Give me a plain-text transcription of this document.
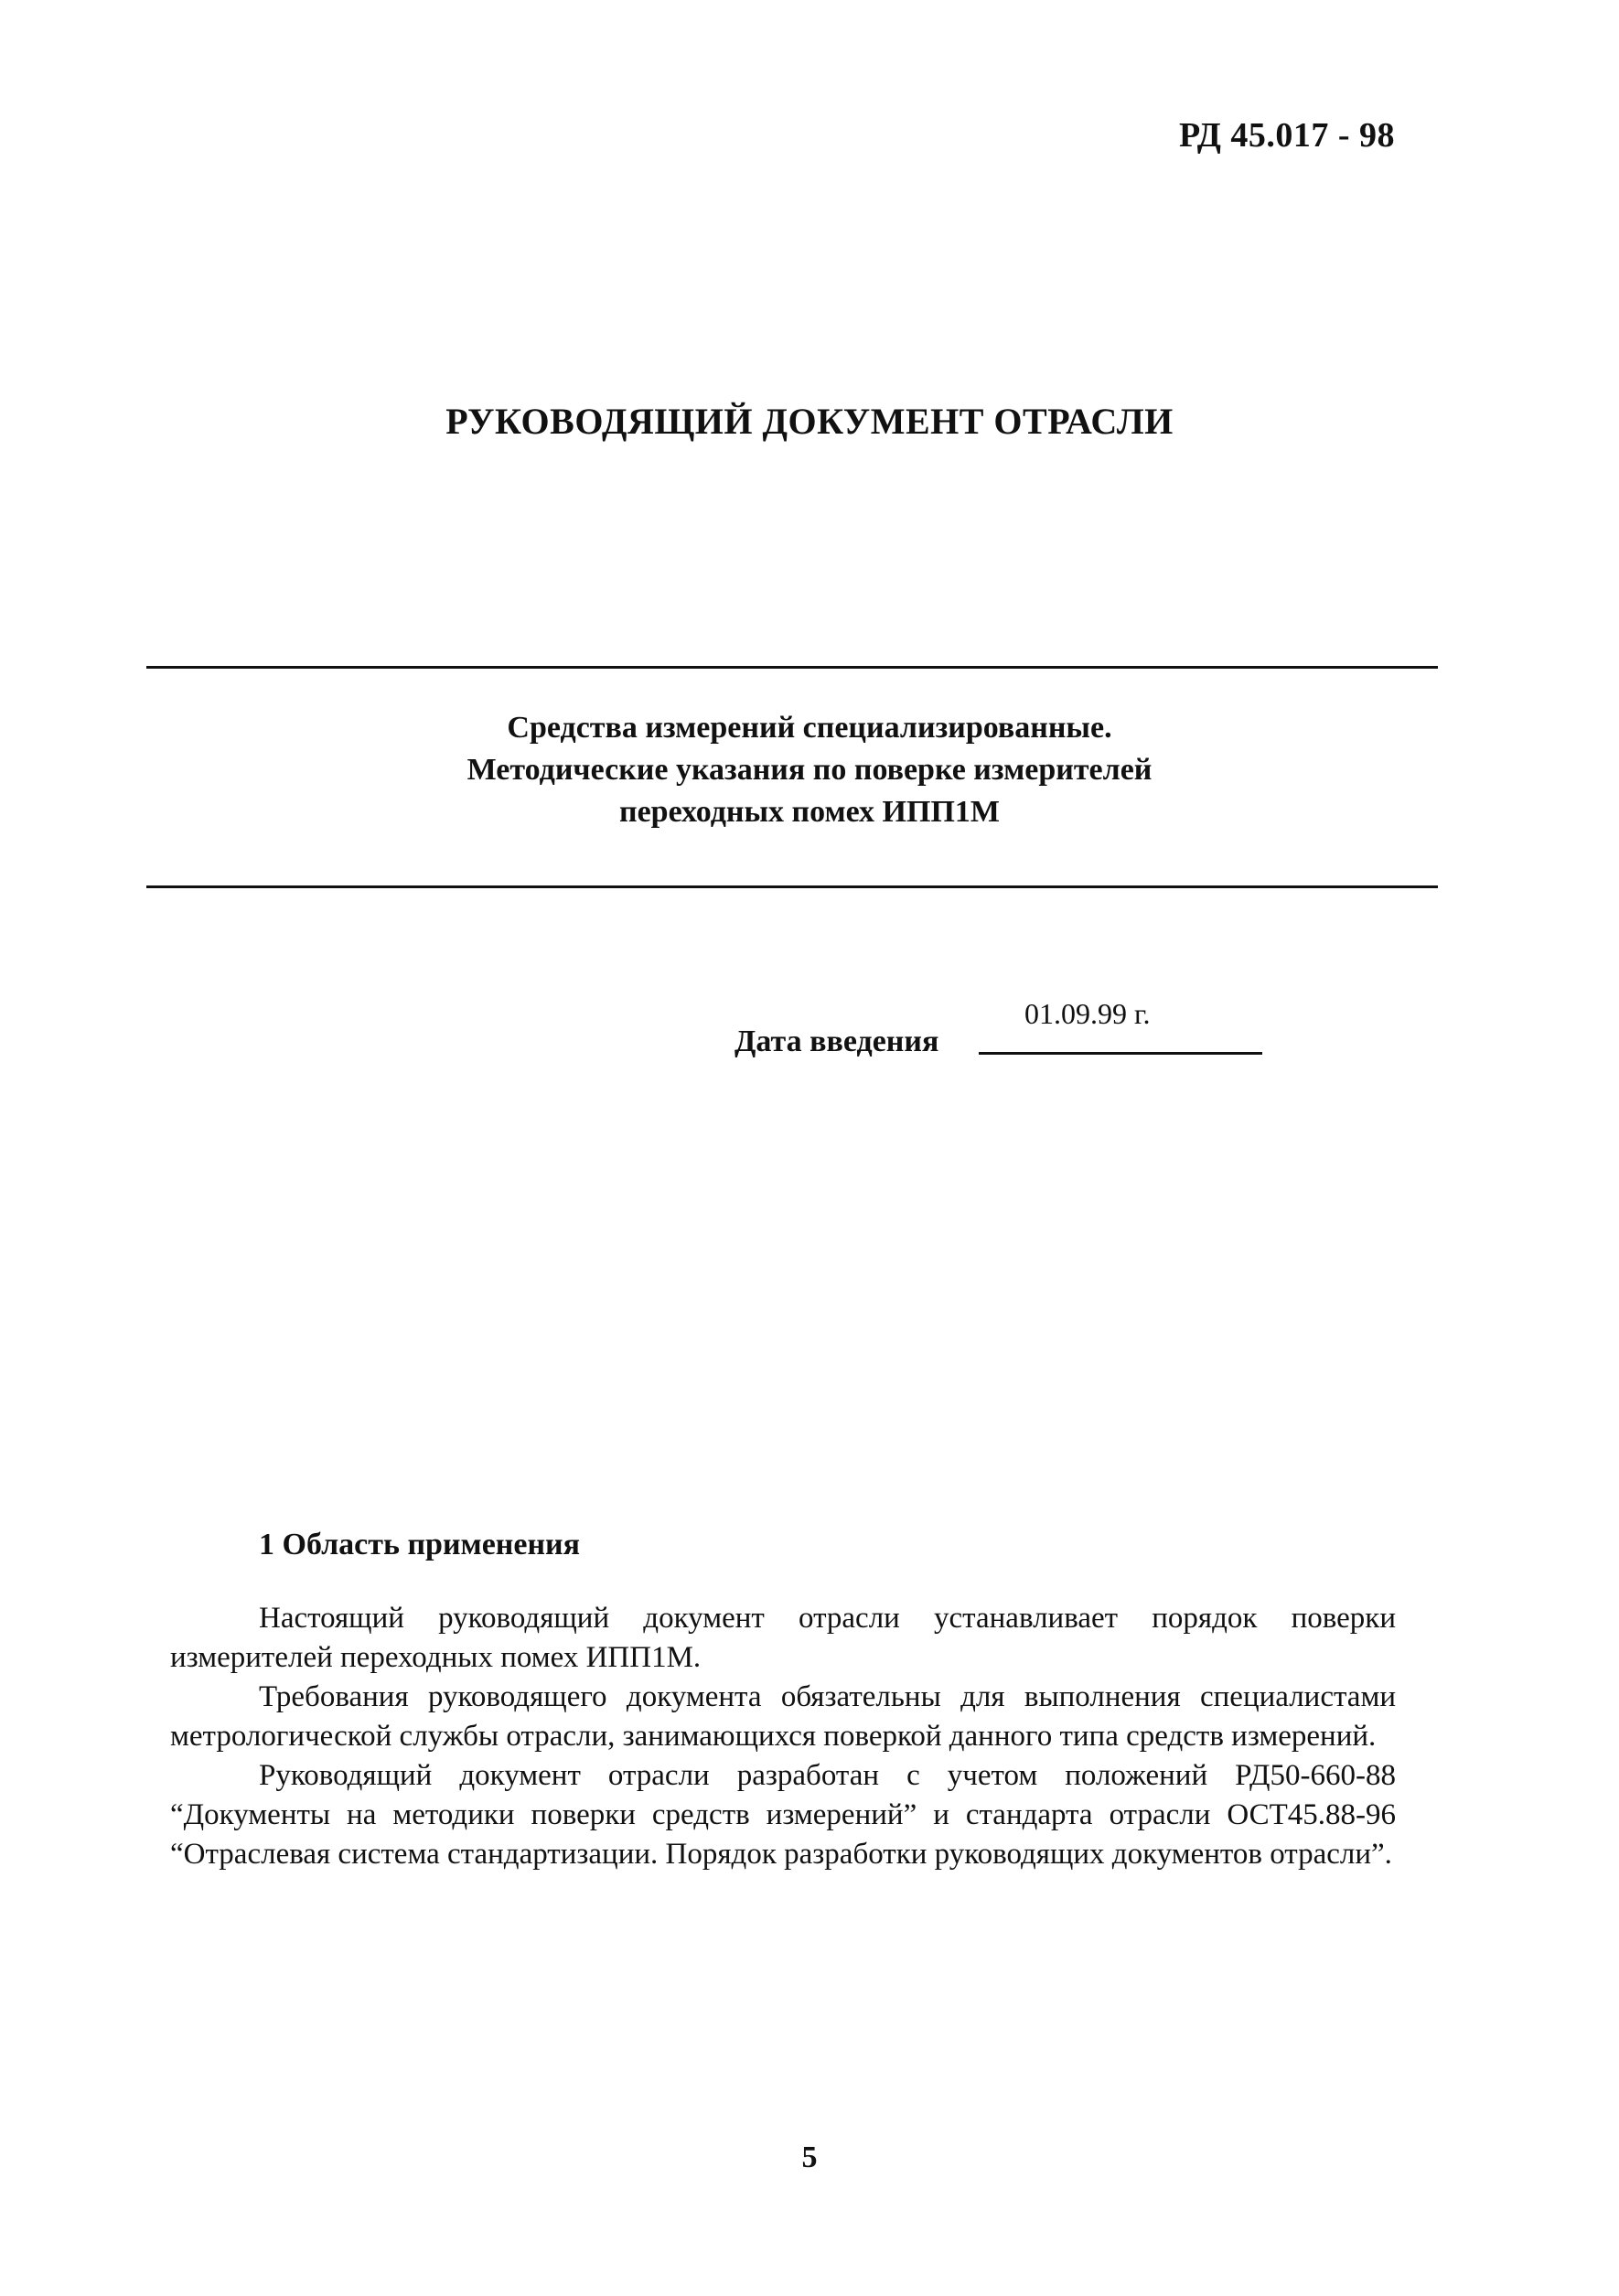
РД 45.017 - 98
РУКОВОДЯЩИЙ ДОКУМЕНТ ОТРАСЛИ
Средства измерений специализированные.
Методические указания по поверке измерителей
переходных помех ИПП1М
Дата введения
01.09.99 г.
1 Область применения

Настоящий руководящий документ отрасли устанавливает порядок поверки измерителей переходных помех ИПП1М.

Требования руководящего документа обязательны для выполнения специалистами метрологической службы отрасли, занимающихся поверкой данного типа средств измерений.

Руководящий документ отрасли разработан с учетом положений РД50-660-88 “Документы на методики поверки средств измерений” и стандарта отрасли ОСТ45.88-96 “Отраслевая система стандартизации. Порядок разработки руководящих документов отрасли”.

5
